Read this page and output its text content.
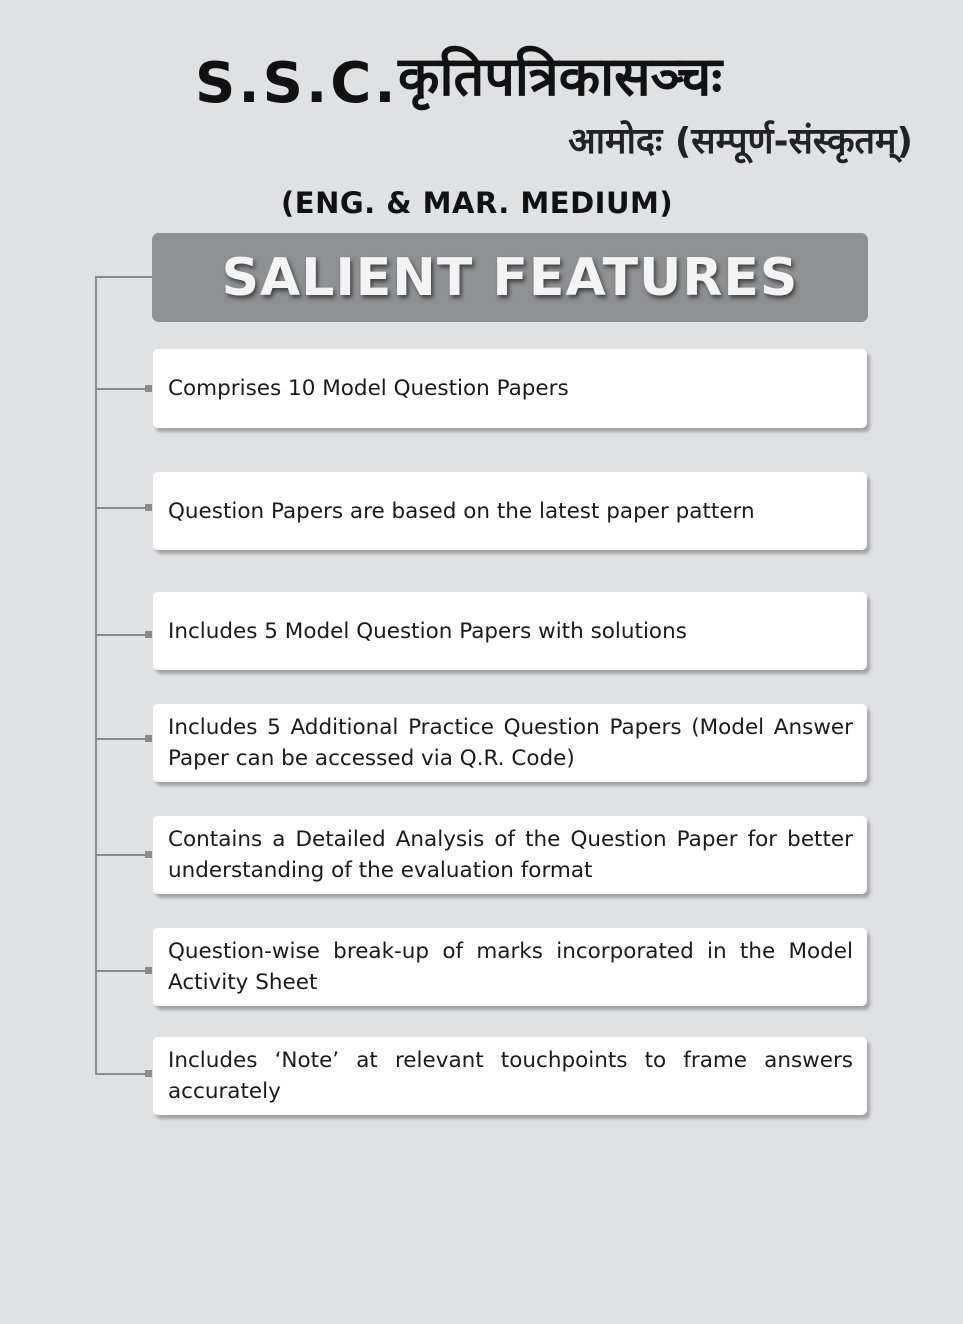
S.S.C. कृतिपत्रिकासञ्चः
आमोदः (सम्पूर्ण-संस्कृतम्)
(ENG. & MAR. MEDIUM)
SALIENT FEATURES
Comprises 10 Model Question Papers
Question Papers are based on the latest paper pattern
Includes 5 Model Question Papers with solutions
Includes 5 Additional Practice Question Papers (Model Answer Paper can be accessed via Q.R. Code)
Contains a Detailed Analysis of the Question Paper for better understanding of the evaluation format
Question-wise break-up of marks incorporated in the Model Activity Sheet
Includes ‘Note’ at relevant touchpoints to frame answers accurately
